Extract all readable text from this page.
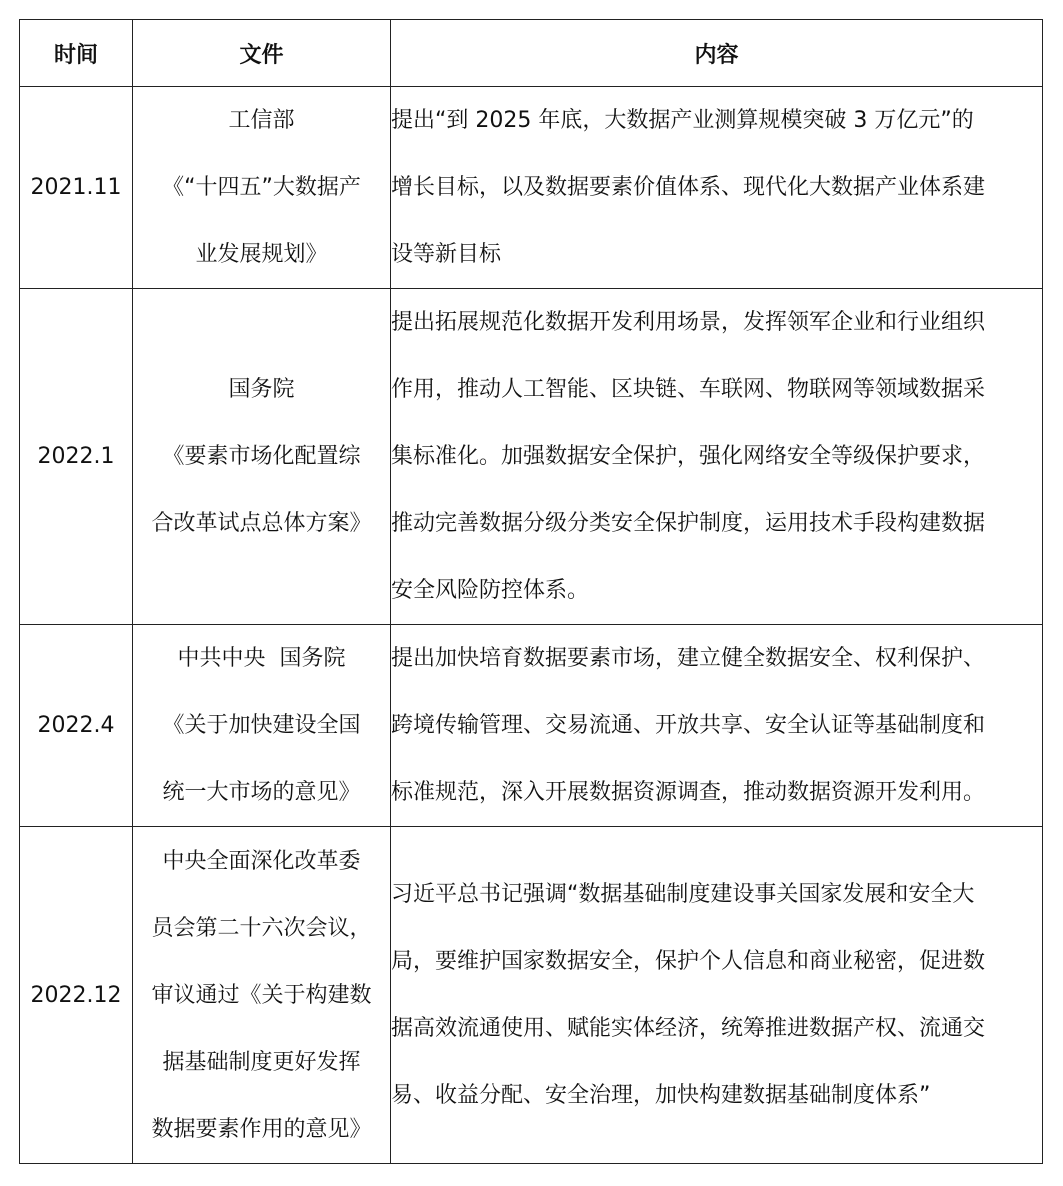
时间	文件	内容
2021.11	工信部
《“十四五”大数据产
业发展规划》	提出“到 2025 年底，大数据产业测算规模突破 3 万亿元”的
增长目标，以及数据要素价值体系、现代化大数据产业体系建
设等新目标

2022.1	国务院
《要素市场化配置综
合改革试点总体方案》	提出拓展规范化数据开发利用场景，发挥领军企业和行业组织
作用，推动人工智能、区块链、车联网、物联网等领域数据采
集标准化。加强数据安全保护，强化网络安全等级保护要求，
推动完善数据分级分类安全保护制度，运用技术手段构建数据
安全风险防控体系。

2022.4	中共中央  国务院
《关于加快建设全国
统一大市场的意见》	提出加快培育数据要素市场，建立健全数据安全、权利保护、
跨境传输管理、交易流通、开放共享、安全认证等基础制度和
标准规范，深入开展数据资源调查，推动数据资源开发利用。

2022.12	中央全面深化改革委
员会第二十六次会议，
审议通过《关于构建数
据基础制度更好发挥
数据要素作用的意见》	习近平总书记强调“数据基础制度建设事关国家发展和安全大
局，要维护国家数据安全，保护个人信息和商业秘密，促进数
据高效流通使用、赋能实体经济，统筹推进数据产权、流通交
易、收益分配、安全治理，加快构建数据基础制度体系”
